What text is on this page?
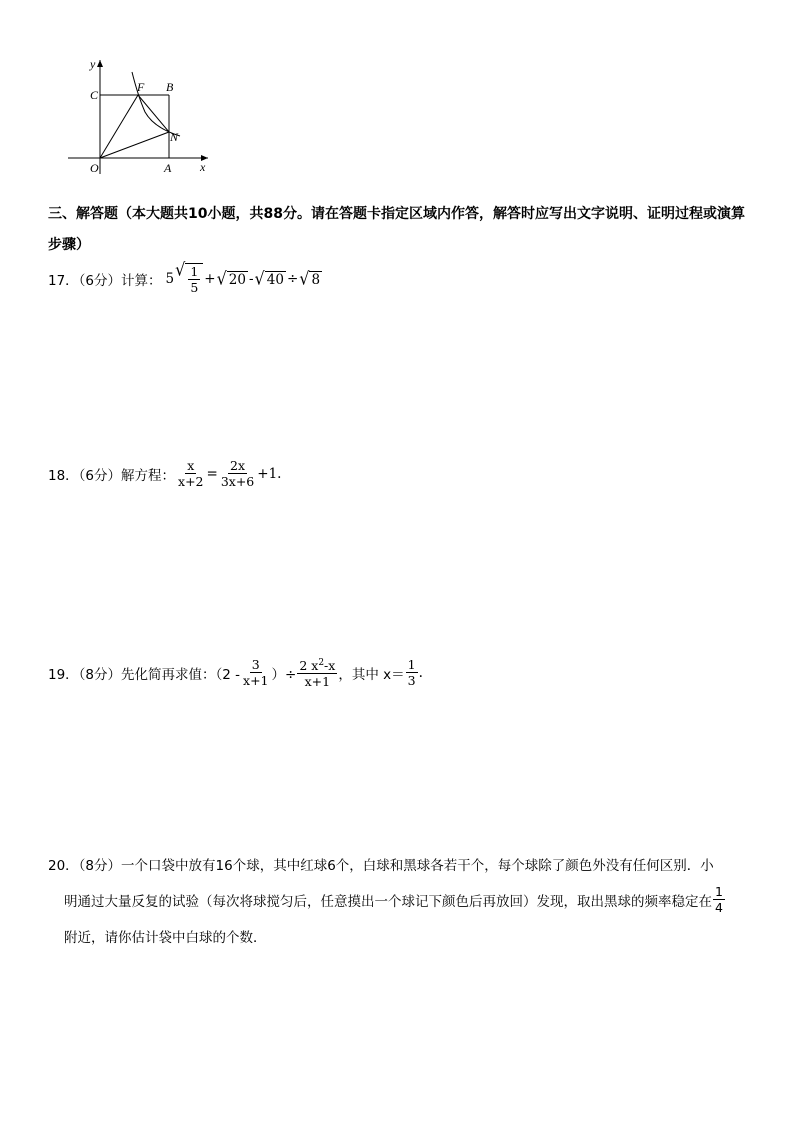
y
x
C
F B
N
O	A
三、解答题（本大题共10小题，共88分。请在答题卡指定区域内作答，解答时应写出文字说明、证明过程或演算
步骤）
17．（6分）计算： 5 √ $\frac{1}{5}$ + √ 20 - √ 40 ÷ √ 8
18．（6分）解方程： $\frac{x}{x+2} = \frac{2x}{3x+6} +1$.
19．（8分）先化简再求值：（$2 - \frac{3}{x+1}$ ）÷ $\frac{2 x^2-x}{x+1}$ ，其中 $x= \frac{1}{3}$ .
20．（8分）一个口袋中放有16个球，其中红球6个，白球和黑球各若干个，每个球除了颜色外没有任何区别．小
明通过大量反复的试验（每次将球搅匀后，任意摸出一个球记下颜色后再放回）发现，取出黑球的频率稳定在 $\frac{1}{4}$
附近，请你估计袋中白球的个数．
